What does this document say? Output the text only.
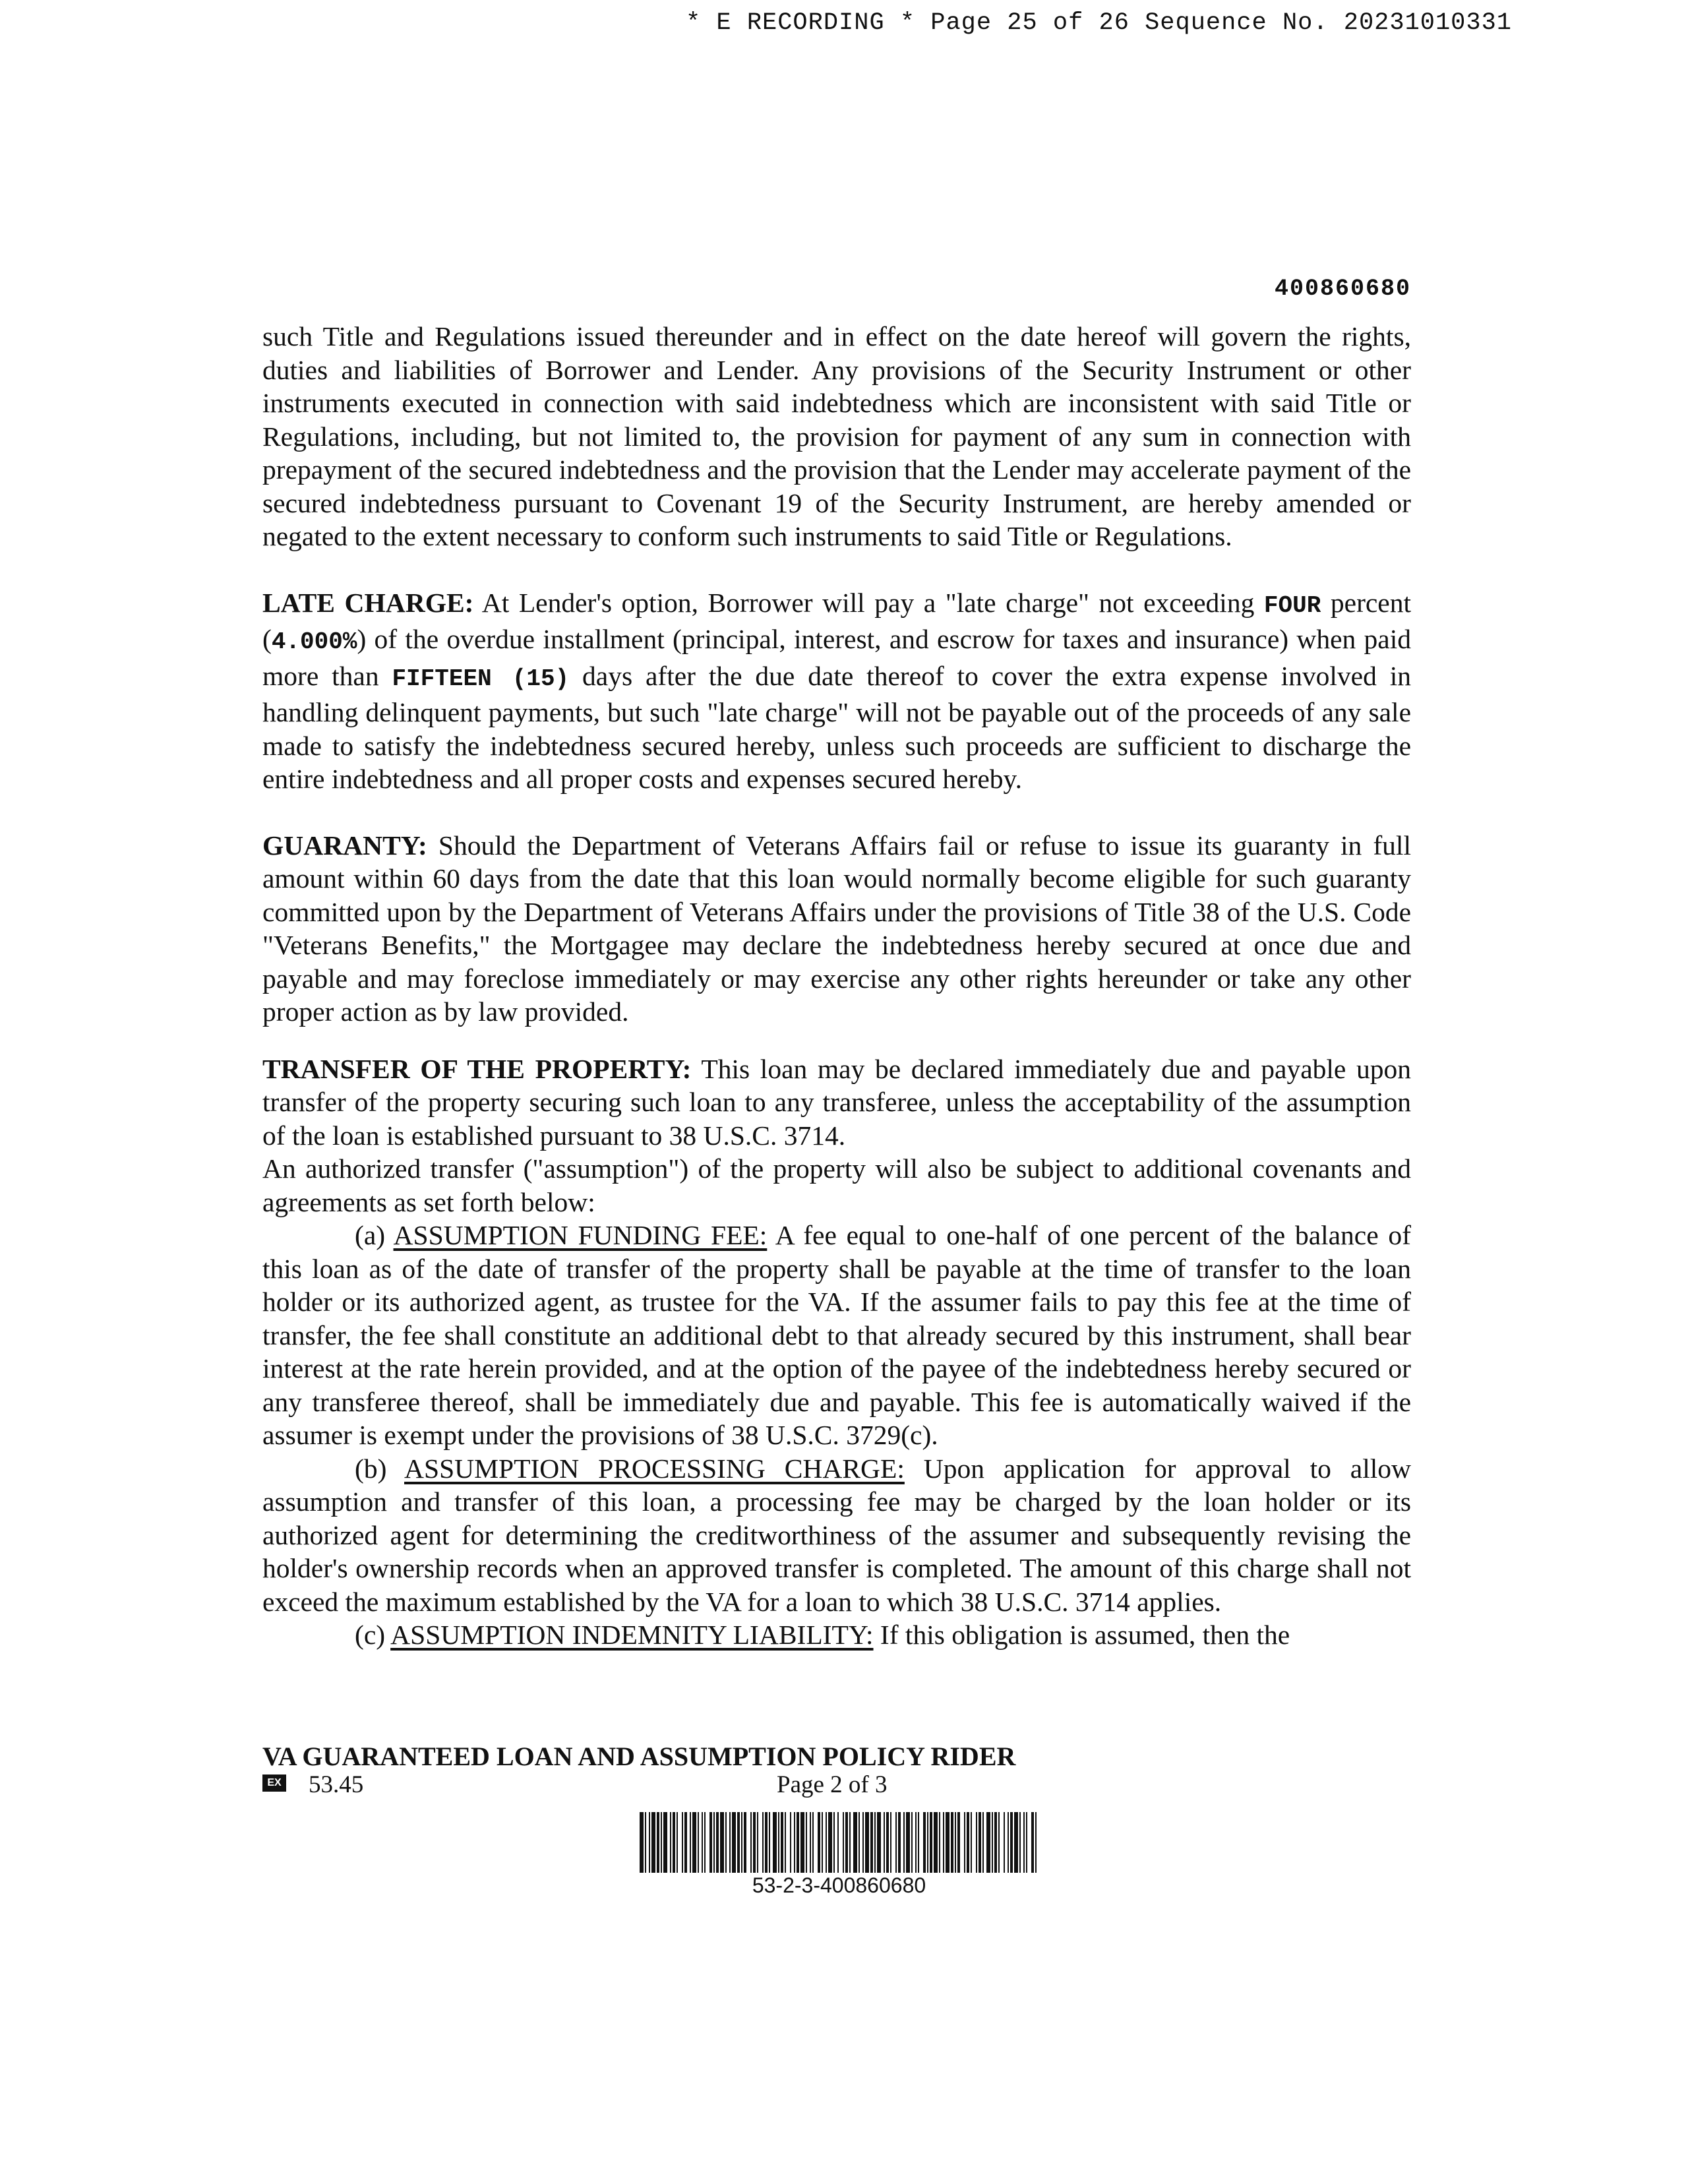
* E RECORDING * Page 25 of 26 Sequence No. 20231010331
400860680

such Title and Regulations issued thereunder and in effect on the date hereof will govern the rights, duties and liabilities of Borrower and Lender. Any provisions of the Security Instrument or other instruments executed in connection with said indebtedness which are inconsistent with said Title or Regulations, including, but not limited to, the provision for payment of any sum in connection with prepayment of the secured indebtedness and the provision that the Lender may accelerate payment of the secured indebtedness pursuant to Covenant 19 of the Security Instrument, are hereby amended or negated to the extent necessary to conform such instruments to said Title or Regulations.

LATE CHARGE: At Lender's option, Borrower will pay a "late charge" not exceeding FOUR percent (4.000%) of the overdue installment (principal, interest, and escrow for taxes and insurance) when paid more than FIFTEEN (15) days after the due date thereof to cover the extra expense involved in handling delinquent payments, but such "late charge" will not be payable out of the proceeds of any sale made to satisfy the indebtedness secured hereby, unless such proceeds are sufficient to discharge the entire indebtedness and all proper costs and expenses secured hereby.

GUARANTY: Should the Department of Veterans Affairs fail or refuse to issue its guaranty in full amount within 60 days from the date that this loan would normally become eligible for such guaranty committed upon by the Department of Veterans Affairs under the provisions of Title 38 of the U.S. Code "Veterans Benefits," the Mortgagee may declare the indebtedness hereby secured at once due and payable and may foreclose immediately or may exercise any other rights hereunder or take any other proper action as by law provided.

TRANSFER OF THE PROPERTY: This loan may be declared immediately due and payable upon transfer of the property securing such loan to any transferee, unless the acceptability of the assumption of the loan is established pursuant to 38 U.S.C. 3714.

An authorized transfer ("assumption") of the property will also be subject to additional covenants and agreements as set forth below:

(a) ASSUMPTION FUNDING FEE: A fee equal to one-half of one percent of the balance of this loan as of the date of transfer of the property shall be payable at the time of transfer to the loan holder or its authorized agent, as trustee for the VA. If the assumer fails to pay this fee at the time of transfer, the fee shall constitute an additional debt to that already secured by this instrument, shall bear interest at the rate herein provided, and at the option of the payee of the indebtedness hereby secured or any transferee thereof, shall be immediately due and payable. This fee is automatically waived if the assumer is exempt under the provisions of 38 U.S.C. 3729(c).

(b) ASSUMPTION PROCESSING CHARGE: Upon application for approval to allow assumption and transfer of this loan, a processing fee may be charged by the loan holder or its authorized agent for determining the creditworthiness of the assumer and subsequently revising the holder's ownership records when an approved transfer is completed. The amount of this charge shall not exceed the maximum established by the VA for a loan to which 38 U.S.C. 3714 applies.

(c) ASSUMPTION INDEMNITY LIABILITY: If this obligation is assumed, then the

VA GUARANTEED LOAN AND ASSUMPTION POLICY RIDER
EX 53.45	Page 2 of 3
53-2-3-400860680
